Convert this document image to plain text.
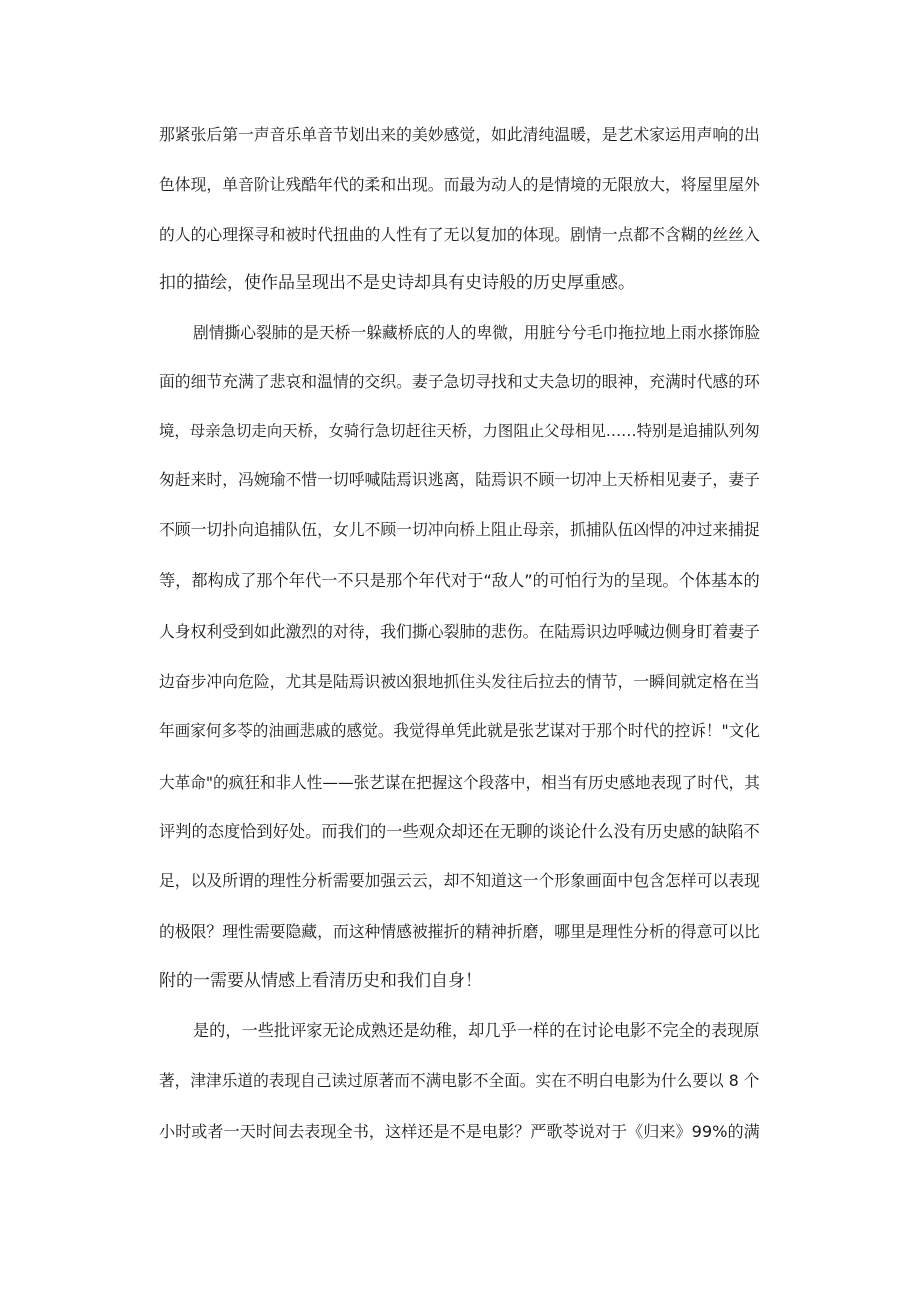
那紧张后第一声音乐单音节划出来的美妙感觉，如此清纯温暖，是艺术家运用声响的出
色体现，单音阶让残酷年代的柔和出现。而最为动人的是情境的无限放大，将屋里屋外
的人的心理探寻和被时代扭曲的人性有了无以复加的体现。剧情一点都不含糊的丝丝入
扣的描绘，使作品呈现出不是史诗却具有史诗般的历史厚重感。
剧情撕心裂肺的是天桥一躲藏桥底的人的卑微，用脏兮兮毛巾拖拉地上雨水搽饰脸
面的细节充满了悲哀和温情的交织。妻子急切寻找和丈夫急切的眼神，充满时代感的环
境，母亲急切走向天桥，女骑行急切赶往天桥，力图阻止父母相见……特别是追捕队列匆
匆赶来时，冯婉瑜不惜一切呼喊陆焉识逃离，陆焉识不顾一切冲上天桥相见妻子，妻子
不顾一切扑向追捕队伍，女儿不顾一切冲向桥上阻止母亲，抓捕队伍凶悍的冲过来捕捉
等，都构成了那个年代一不只是那个年代对于“敌人”的可怕行为的呈现。个体基本的
人身权利受到如此激烈的对待，我们撕心裂肺的悲伤。在陆焉识边呼喊边侧身盯着妻子
边奋步冲向危险，尤其是陆焉识被凶狠地抓住头发往后拉去的情节，一瞬间就定格在当
年画家何多苓的油画悲戚的感觉。我觉得单凭此就是张艺谋对于那个时代的控诉！"文化
大革命"的疯狂和非人性——张艺谋在把握这个段落中，相当有历史感地表现了时代，其
评判的态度恰到好处。而我们的一些观众却还在无聊的谈论什么没有历史感的缺陷不
足，以及所谓的理性分析需要加强云云，却不知道这一个形象画面中包含怎样可以表现
的极限？理性需要隐藏，而这种情感被摧折的精神折磨，哪里是理性分析的得意可以比
附的一需要从情感上看清历史和我们自身！
是的，一些批评家无论成熟还是幼稚，却几乎一样的在讨论电影不完全的表现原
著，津津乐道的表现自己读过原著而不满电影不全面。实在不明白电影为什么要以 8 个
小时或者一天时间去表现全书，这样还是不是电影？严歌苓说对于《归来》99%的满
